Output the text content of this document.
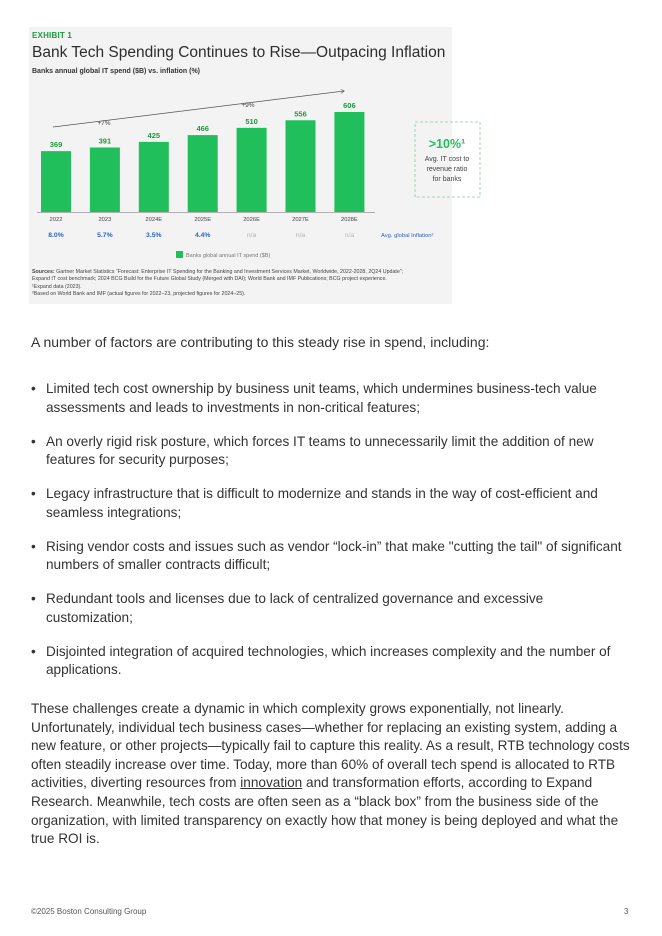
EXHIBIT 1
Bank Tech Spending Continues to Rise—Outpacing Inflation
Banks annual global IT spend ($B) vs. inflation (%)
369
2022
8.0%
391
2023
5.7%
425
2024E
3.5%
466
2025E
4.4%
510
2026E
n/a
556
2027E
n/a
606
2028E
n/a
+7%
+9%
>10%¹
Avg. IT cost to
revenue ratio
for banks
Avg. global Inflation²
Banks global annual IT spend ($B)

Sources: Gartner Market Statistics “Forecast: Enterprise IT Spending for the Banking and Investment Services Market, Worldwide, 2022-2028, 2Q24 Update”;

Expand IT cost benchmark; 2024 BCG Build for the Future Global Study (Merged with DAI); World Bank and IMF Publications; BCG project experience.

¹Expand data (2023).

²Based on World Bank and IMF (actual figures for 2022–23, projected figures for 2024–25).

A number of factors are contributing to this steady rise in spend, including:

• Limited tech cost ownership by business unit teams, which undermines business-tech value assessments and leads to investments in non-critical features;
• An overly rigid risk posture, which forces IT teams to unnecessarily limit the addition of new features for security purposes;
• Legacy infrastructure that is difficult to modernize and stands in the way of cost-efficient and seamless integrations;
• Rising vendor costs and issues such as vendor “lock-in” that make "cutting the tail" of significant numbers of smaller contracts difficult;
• Redundant tools and licenses due to lack of centralized governance and excessive customization;
• Disjointed integration of acquired technologies, which increases complexity and the number of applications.

These challenges create a dynamic in which complexity grows exponentially, not linearly. Unfortunately, individual tech business cases—whether for replacing an existing system, adding a new feature, or other projects—typically fail to capture this reality. As a result, RTB technology costs often steadily increase over time. Today, more than 60% of overall tech spend is allocated to RTB activities, diverting resources from innovation and transformation efforts, according to Expand Research. Meanwhile, tech costs are often seen as a “black box” from the business side of the organization, with limited transparency on exactly how that money is being deployed and what the true ROI is.

©2025 Boston Consulting Group	3
